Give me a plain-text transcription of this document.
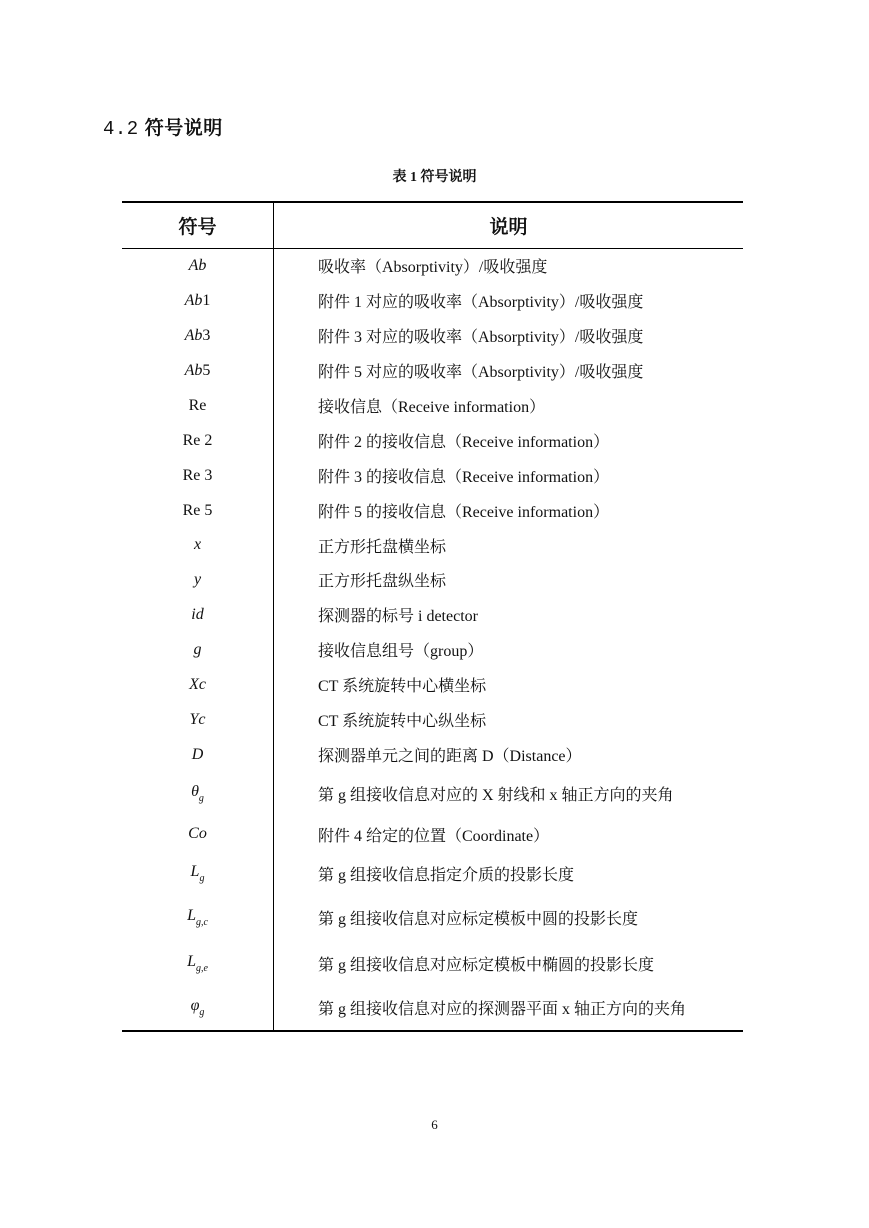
4.2 符号说明
表 1 符号说明
符号	说明
Ab	吸收率（Absorptivity）/吸收强度
Ab1	附件 1 对应的吸收率（Absorptivity）/吸收强度
Ab3	附件 3 对应的吸收率（Absorptivity）/吸收强度
Ab5	附件 5 对应的吸收率（Absorptivity）/吸收强度
Re	接收信息（Receive information）
Re 2	附件 2 的接收信息（Receive information）
Re 3	附件 3 的接收信息（Receive information）
Re 5	附件 5 的接收信息（Receive information）
x	正方形托盘横坐标
y	正方形托盘纵坐标
id	探测器的标号 i detector
g	接收信息组号（group）
Xc	CT 系统旋转中心横坐标
Yc	CT 系统旋转中心纵坐标
D	探测器单元之间的距离 D（Distance）
$\theta_g$	第 g 组接收信息对应的 X 射线和 x 轴正方向的夹角
Co	附件 4 给定的位置（Coordinate）
$L_g$	第 g 组接收信息指定介质的投影长度
$L_{g,c}$	第 g 组接收信息对应标定模板中圆的投影长度
$L_{g,e}$	第 g 组接收信息对应标定模板中椭圆的投影长度
$\varphi_g$	第 g 组接收信息对应的探测器平面 x 轴正方向的夹角
6
